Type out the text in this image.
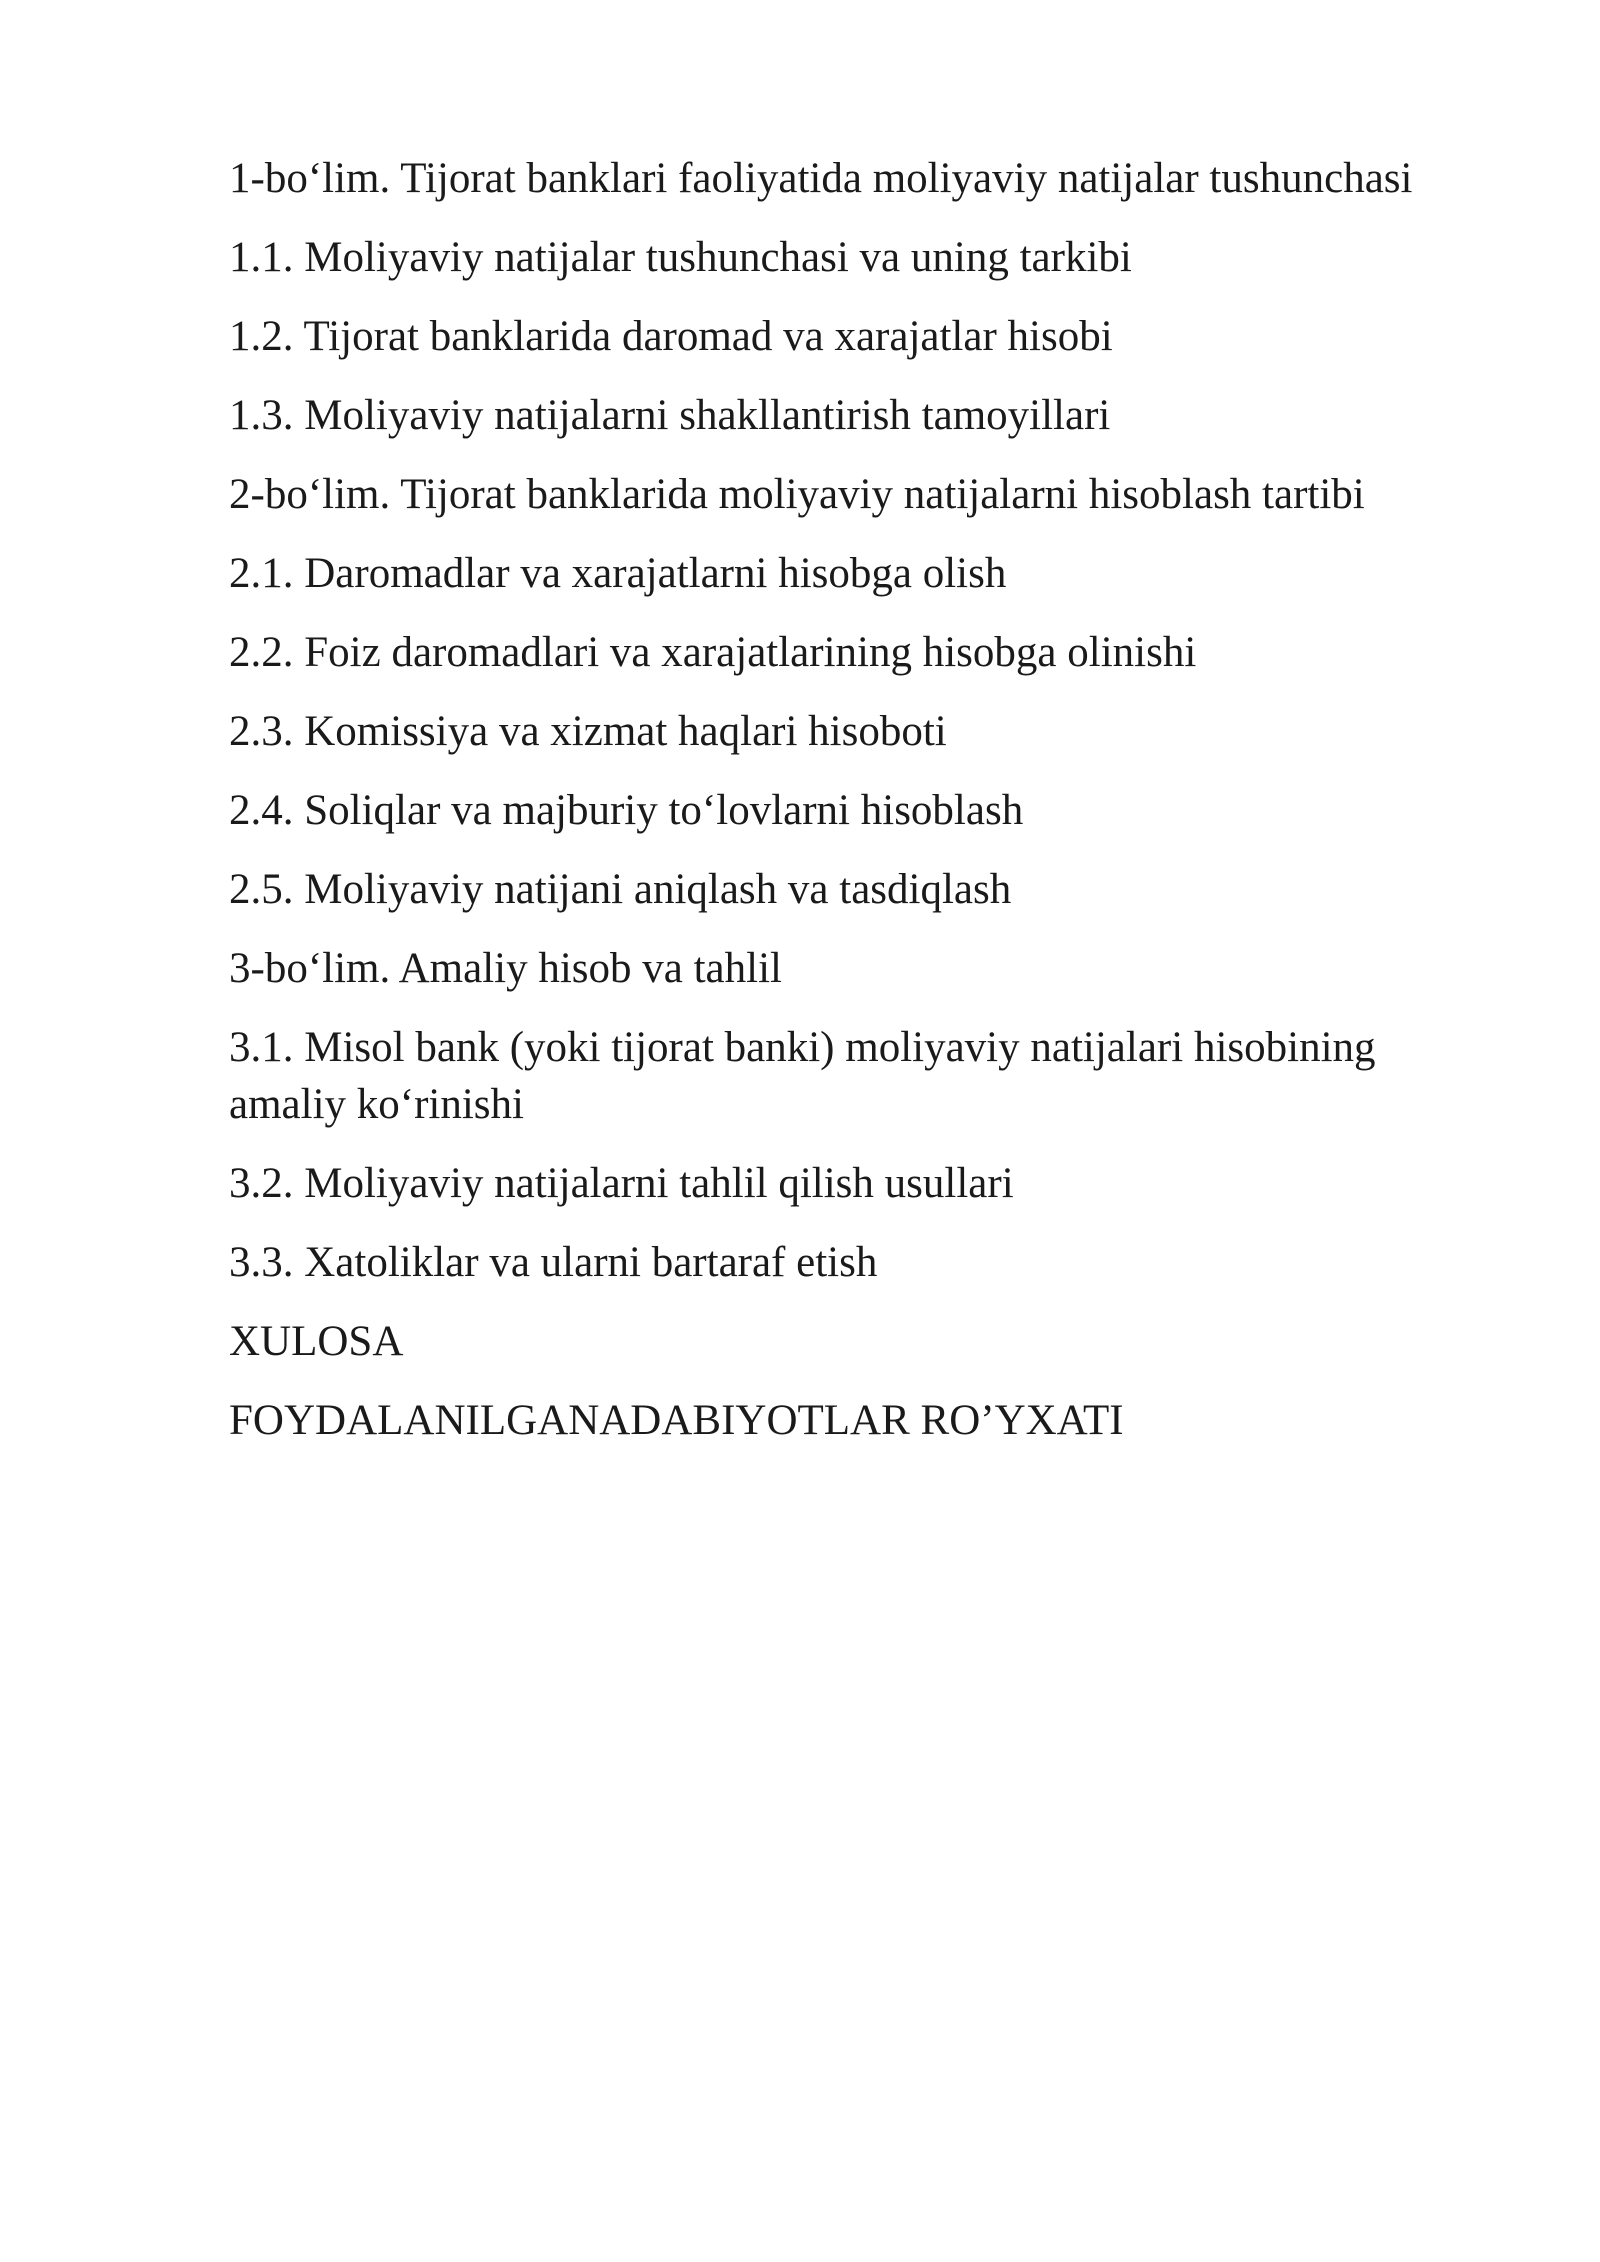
1-bo‘lim. Tijorat banklari faoliyatida moliyaviy natijalar tushunchasi
1.1. Moliyaviy natijalar tushunchasi va uning tarkibi
1.2. Tijorat banklarida daromad va xarajatlar hisobi
1.3. Moliyaviy natijalarni shakllantirish tamoyillari
2-bo‘lim. Tijorat banklarida moliyaviy natijalarni hisoblash tartibi
2.1. Daromadlar va xarajatlarni hisobga olish
2.2. Foiz daromadlari va xarajatlarining hisobga olinishi
2.3. Komissiya va xizmat haqlari hisoboti
2.4. Soliqlar va majburiy to‘lovlarni hisoblash
2.5. Moliyaviy natijani aniqlash va tasdiqlash
3-bo‘lim. Amaliy hisob va tahlil
3.1. Misol bank (yoki tijorat banki) moliyaviy natijalari hisobining amaliy ko‘rinishi
3.2. Moliyaviy natijalarni tahlil qilish usullari
3.3. Xatoliklar va ularni bartaraf etish
XULOSA
FOYDALANILGANADABIYOTLAR RO’YXATI
